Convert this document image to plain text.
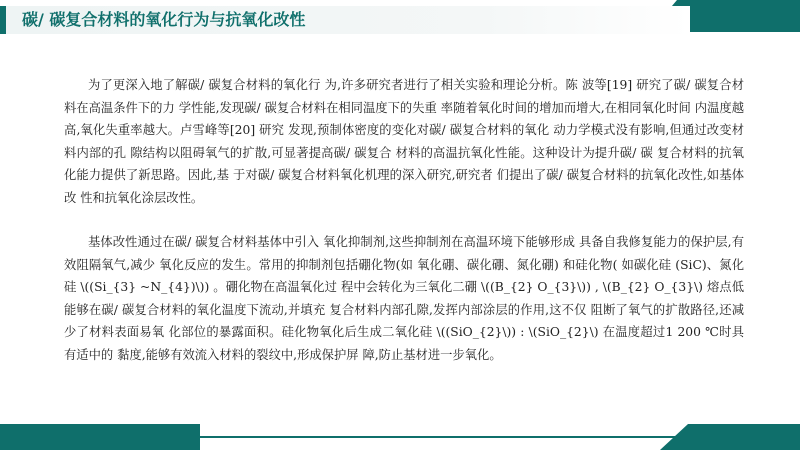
碳/ 碳复合材料的氧化行为与抗氧化改性

为了更深入地了解碳/ 碳复合材料的氧化行 为,许多研究者进行了相关实验和理论分析。陈 波等[19] 研究了碳/ 碳复合材料在高温条件下的力 学性能,发现碳/ 碳复合材料在相同温度下的失重 率随着氧化时间的增加而增大,在相同氧化时间 内温度越高,氧化失重率越大。卢雪峰等[20] 研究 发现,预制体密度的变化对碳/ 碳复合材料的氧化 动力学模式没有影响,但通过改变材料内部的孔 隙结构以阻碍氧气的扩散,可显著提高碳/ 碳复合 材料的高温抗氧化性能。这种设计为提升碳/ 碳 复合材料的抗氧化能力提供了新思路。因此,基 于对碳/ 碳复合材料氧化机理的深入研究,研究者 们提出了碳/ 碳复合材料的抗氧化改性,如基体改 性和抗氧化涂层改性。

基体改性通过在碳/ 碳复合材料基体中引入 氧化抑制剂,这些抑制剂在高温环境下能够形成 具备自我修复能力的保护层,有效阻隔氧气,减少 氧化反应的发生。常用的抑制剂包括硼化物(如 氧化硼、碳化硼、氮化硼) 和硅化物( 如碳化硅 (SiC)、氮化硅 \((Si_{3} ~N_{4})\)) 。硼化物在高温氧化过 程中会转化为三氧化二硼 \((B_{2} O_{3}\)) , \(B_{2} O_{3}\) 熔点低 能够在碳/ 碳复合材料的氧化温度下流动,并填充 复合材料内部孔隙,发挥内部涂层的作用,这不仅 阻断了氧气的扩散路径,还减少了材料表面易氧 化部位的暴露面积。硅化物氧化后生成二氧化硅 \((SiO_{2}\)) : \(SiO_{2}\) 在温度超过1 200 ℃时具有适中的 黏度,能够有效流入材料的裂纹中,形成保护屏 障,防止基材进一步氧化。
